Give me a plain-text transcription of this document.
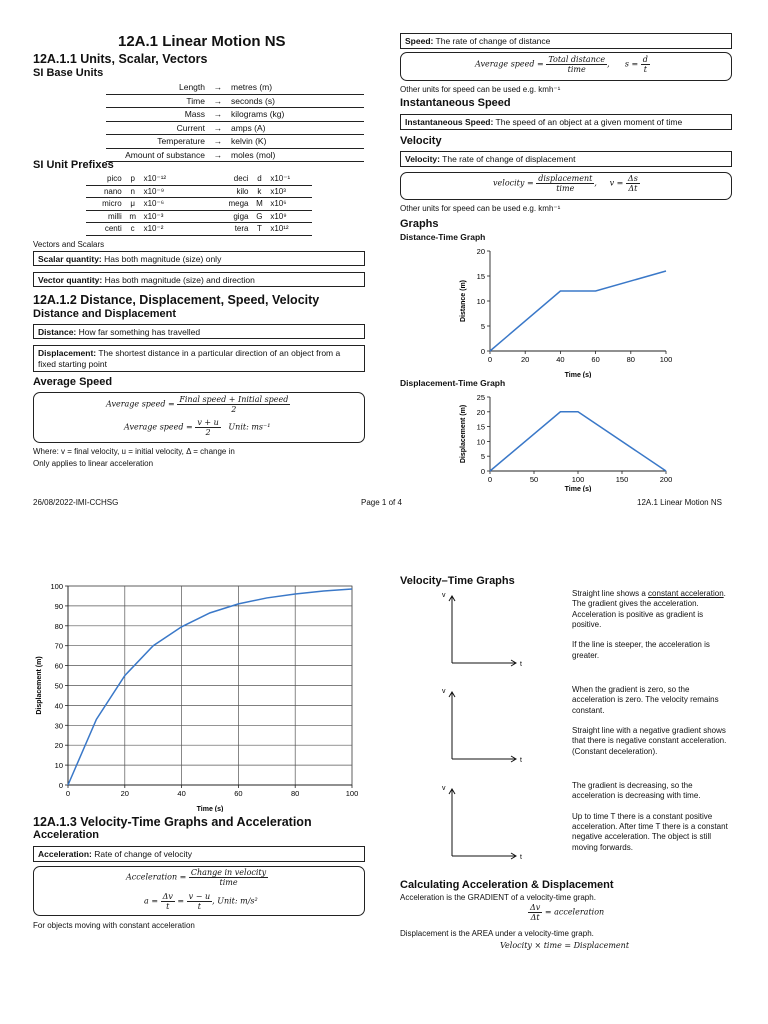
12A.1 Linear Motion NS
12A.1.1 Units, Scalar, Vectors
SI Base Units
Length	→	metres (m)
Time	→	seconds (s)
Mass	→	kilograms (kg)
Current	→	amps (A)
Temperature	→	kelvin (K)
Amount of substance	→	moles (mol)
SI Unit Prefixes
pico	p	x10⁻¹²	deci	d	x10⁻¹
nano	n	x10⁻⁹	kilo	k	x10³
micro	μ	x10⁻⁶	mega	M	x10⁶
milli	m	x10⁻³	giga	G	x10⁹
centi	c	x10⁻²	tera	T	x10¹²
Vectors and Scalars
Scalar quantity: Has both magnitude (size) only
Vector quantity: Has both magnitude (size) and direction
12A.1.2 Distance, Displacement, Speed, Velocity
Distance and Displacement
Distance: How far something has travelled
Displacement: The shortest distance in a particular direction of an object from a fixed starting point
Average Speed
Average speed = $\frac{\text{Final speed + Initial speed}}{2}$
Average speed = $\frac{v + u}{2}$ Unit: ms⁻¹
Where: v = final velocity, u = initial velocity, Δ = change in
Only applies to linear acceleration
Speed: The rate of change of distance
Average speed = $\frac{\text{Total distance}}{\text{time}}$ ,      $s = \frac{d}{t}$
Other units for speed can be used e.g. kmh⁻¹
Instantaneous Speed
Instantaneous Speed: The speed of an object at a given moment of time
Velocity
Velocity: The rate of change of displacement
velocity = $\frac{\text{displacement}}{\text{time}}$ ,     $v = \frac{\Delta s}{\Delta t}$
Other units for speed can be used e.g. kmh⁻¹
Graphs
Distance-Time Graph
0	20	40	60	80	100
0
5
10
15
20
Time (s)
Distance (m)
Displacement-Time Graph
0	50	100	150	200
0
5
10
15
20
25
Time (s)
Displacement (m)
26/08/2022-IMI-CCHSG	Page 1 of 4	12A.1 Linear Motion NS
0	20	40	60	80	100
0
10
20
30
40
50
60
70
80
90
100
Time (s)
Displacement (m)
12A.1.3 Velocity-Time Graphs and Acceleration
Acceleration
Acceleration: Rate of change of velocity
Acceleration = $\frac{\text{Change in velocity}}{\text{time}}$
$a = \frac{\Delta v}{t} = \frac{v - u}{t}$ , Unit: m/s²
For objects moving with constant acceleration
Velocity–Time Graphs
v
t
v
t
v
t
Straight line shows a constant acceleration.
The gradient gives the acceleration. Acceleration is positive as gradient is positive.

If the line is steeper, the acceleration is greater.
When the gradient is zero, so the acceleration is zero. The velocity remains constant.

Straight line with a negative gradient shows that there is negative constant acceleration.
(Constant deceleration).
The gradient is decreasing, so the acceleration is decreasing with time.

Up to time T there is a constant positive acceleration. After time T there is a constant negative acceleration. The object is still moving forwards.
Calculating Acceleration & Displacement
Acceleration is the GRADIENT of a velocity-time graph.
$\frac{\Delta v}{\Delta t}$ = acceleration
Displacement is the AREA under a velocity-time graph.
Velocity × time = Displacement
